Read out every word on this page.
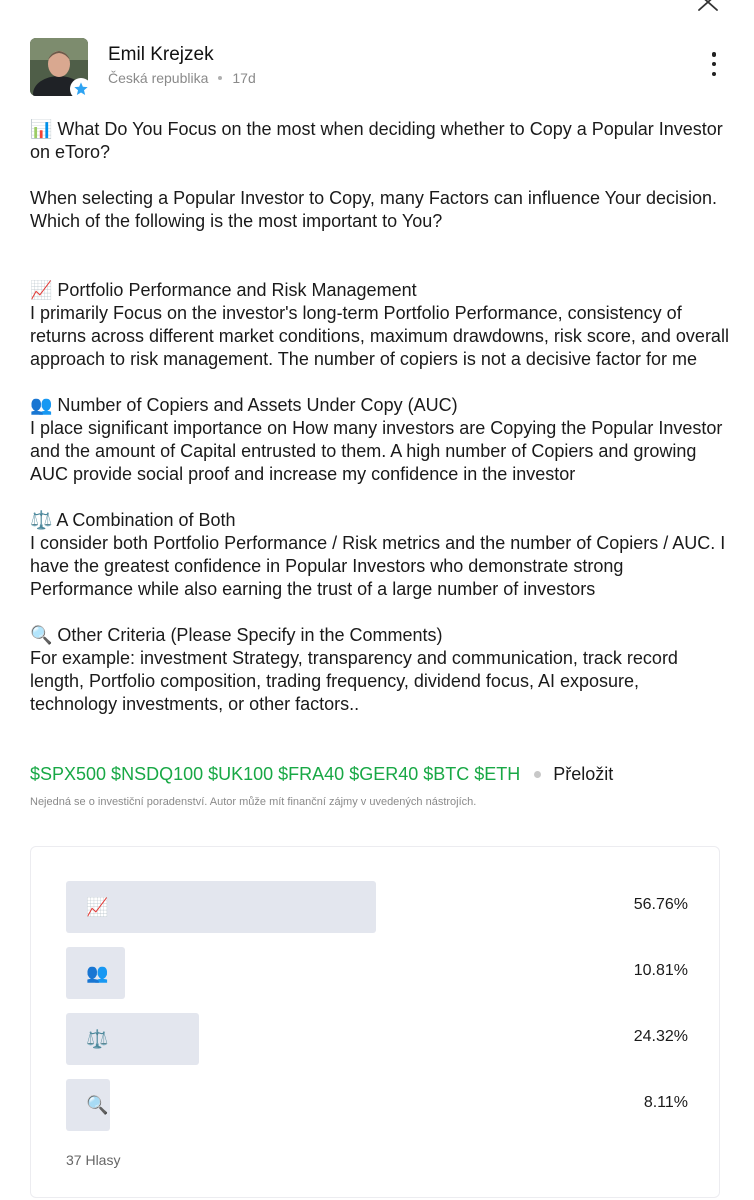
Emil Krejzek
Česká republika 17d

📊 What Do You Focus on the most when deciding whether to Copy a Popular Investor on eToro?

When selecting a Popular Investor to Copy, many Factors can influence Your decision. Which of the following is the most important to You?

📈 Portfolio Performance and Risk Management

I primarily Focus on the investor's long-term Portfolio Performance, consistency of returns across different market conditions, maximum drawdowns, risk score, and overall approach to risk management. The number of copiers is not a decisive factor for me

👥 Number of Copiers and Assets Under Copy (AUC)

I place significant importance on How many investors are Copying the Popular Investor and the amount of Capital entrusted to them. A high number of Copiers and growing AUC provide social proof and increase my confidence in the investor

⚖️ A Combination of Both

I consider both Portfolio Performance / Risk metrics and the number of Copiers / AUC. I have the greatest confidence in Popular Investors who demonstrate strong Performance while also earning the trust of a large number of investors

🔍 Other Criteria (Please Specify in the Comments)

For example: investment Strategy, transparency and communication, track record length, Portfolio composition, trading frequency, dividend focus, AI exposure, technology investments, or other factors..

$SPX500 $NSDQ100 $UK100 $FRA40 $GER40 $BTC $ETH Přeložit
Nejedná se o investiční poradenství. Autor může mít finanční zájmy v uvedených nástrojích.
📈	56.76%
👥	10.81%
⚖️	24.32%
🔍	8.11%
37 Hlasy
